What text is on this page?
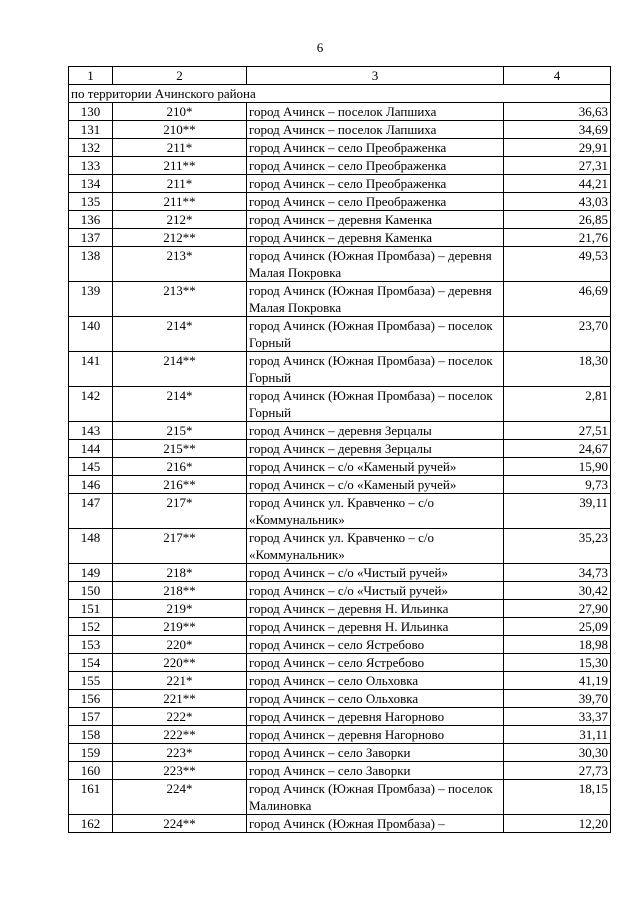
6
1	2	3	4
по территории Ачинского района			
130	210*	город Ачинск – поселок Лапшиха	36,63
131	210**	город Ачинск – поселок Лапшиха	34,69
132	211*	город Ачинск – село Преображенка	29,91
133	211**	город Ачинск – село Преображенка	27,31
134	211*	город Ачинск – село Преображенка	44,21
135	211**	город Ачинск – село Преображенка	43,03
136	212*	город Ачинск – деревня Каменка	26,85
137	212**	город Ачинск – деревня Каменка	21,76
138	213*	город Ачинск (Южная Промбаза) – деревня Малая Покровка	49,53
139	213**	город Ачинск (Южная Промбаза) – деревня Малая Покровка	46,69
140	214*	город Ачинск (Южная Промбаза) – поселок Горный	23,70
141	214**	город Ачинск (Южная Промбаза) – поселок Горный	18,30
142	214*	город Ачинск (Южная Промбаза) – поселок Горный	2,81
143	215*	город Ачинск – деревня Зерцалы	27,51
144	215**	город Ачинск – деревня Зерцалы	24,67
145	216*	город Ачинск – с/о «Каменый ручей»	15,90
146	216**	город Ачинск – с/о «Каменый ручей»	9,73
147	217*	город Ачинск ул. Кравченко – с/о «Коммунальник»	39,11
148	217**	город Ачинск ул. Кравченко – с/о «Коммунальник»	35,23
149	218*	город Ачинск – с/о «Чистый ручей»	34,73
150	218**	город Ачинск – с/о «Чистый ручей»	30,42
151	219*	город Ачинск – деревня Н. Ильинка	27,90
152	219**	город Ачинск – деревня Н. Ильинка	25,09
153	220*	город Ачинск – село Ястребово	18,98
154	220**	город Ачинск – село Ястребово	15,30
155	221*	город Ачинск – село Ольховка	41,19
156	221**	город Ачинск – село Ольховка	39,70
157	222*	город Ачинск – деревня Нагорново	33,37
158	222**	город Ачинск – деревня Нагорново	31,11
159	223*	город Ачинск – село Заворки	30,30
160	223**	город Ачинск – село Заворки	27,73
161	224*	город Ачинск (Южная Промбаза) – поселок Малиновка	18,15
162	224**	город Ачинск (Южная Промбаза) –	12,20
